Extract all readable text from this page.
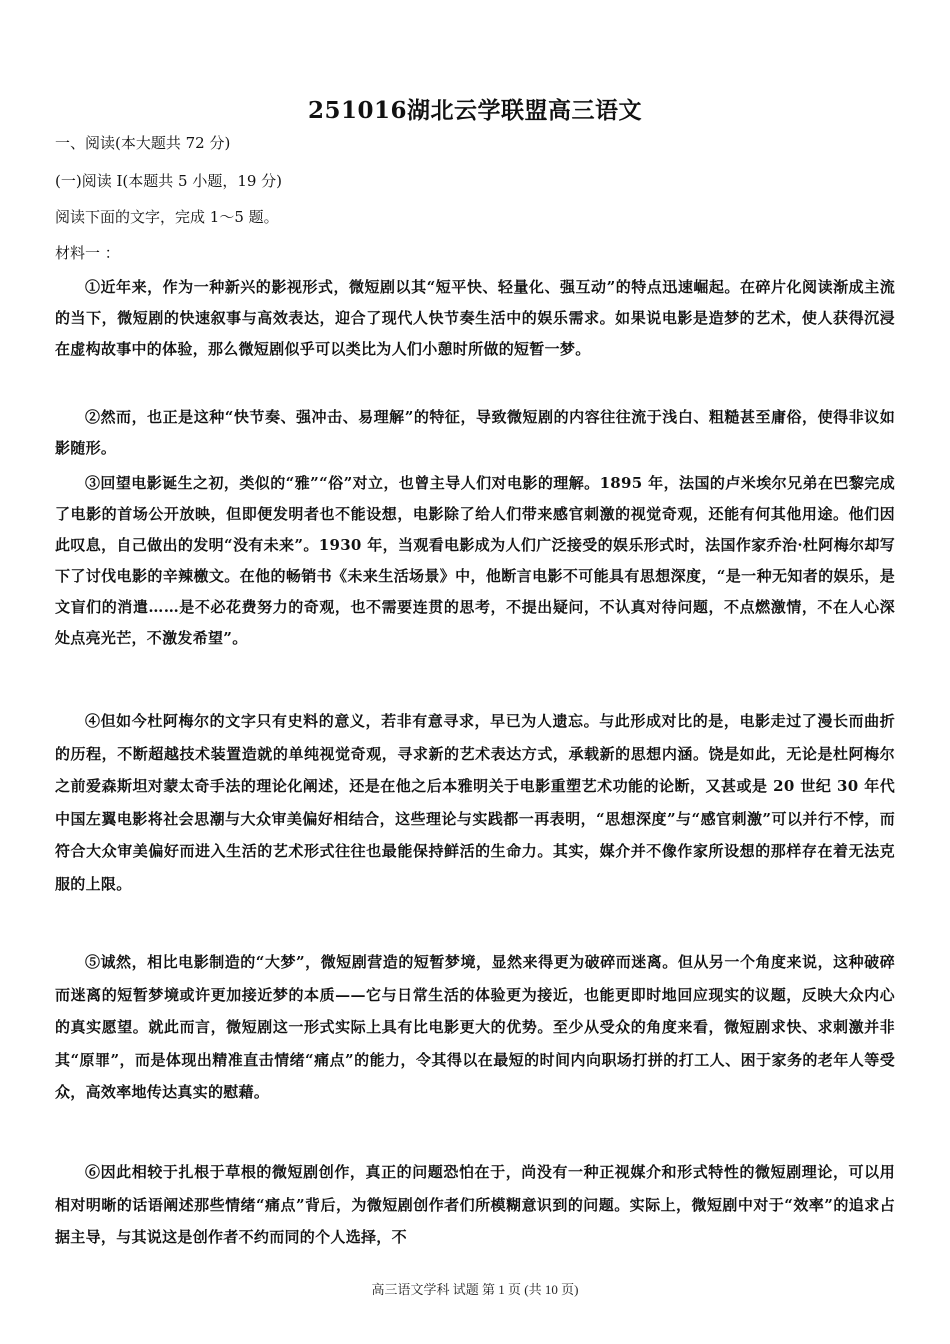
251016湖北云学联盟高三语文
一、阅读(本大题共 72 分)
(一)阅读 I(本题共 5 小题，19 分)
阅读下面的文字，完成 1～5 题。
材料一 ：
①近年来，作为一种新兴的影视形式，微短剧以其“短平快、轻量化、强互动”的特点迅速崛起。在碎片化阅读渐成主流的当下，微短剧的快速叙事与高效表达，迎合了现代人快节奏生活中的娱乐需求。如果说电影是造梦的艺术，使人获得沉浸在虚构故事中的体验，那么微短剧似乎可以类比为人们小憩时所做的短暂一梦。
②然而，也正是这种“快节奏、强冲击、易理解”的特征，导致微短剧的内容往往流于浅白、粗糙甚至庸俗，使得非议如影随形。
③回望电影诞生之初，类似的“雅”“俗”对立，也曾主导人们对电影的理解。1895 年，法国的卢米埃尔兄弟在巴黎完成了电影的首场公开放映，但即便发明者也不能设想，电影除了给人们带来感官刺激的视觉奇观，还能有何其他用途。他们因此叹息，自己做出的发明“没有未来”。1930 年，当观看电影成为人们广泛接受的娱乐形式时，法国作家乔治·杜阿梅尔却写下了讨伐电影的辛辣檄文。在他的畅销书《未来生活场景》中，他断言电影不可能具有思想深度，“是一种无知者的娱乐，是文盲们的消遣……是不必花费努力的奇观，也不需要连贯的思考，不提出疑问，不认真对待问题，不点燃激情，不在人心深处点亮光芒，不激发希望”。
④但如今杜阿梅尔的文字只有史料的意义，若非有意寻求，早已为人遗忘。与此形成对比的是，电影走过了漫长而曲折的历程，不断超越技术装置造就的单纯视觉奇观，寻求新的艺术表达方式，承载新的思想内涵。饶是如此，无论是杜阿梅尔之前爱森斯坦对蒙太奇手法的理论化阐述，还是在他之后本雅明关于电影重塑艺术功能的论断，又甚或是 20 世纪 30 年代中国左翼电影将社会思潮与大众审美偏好相结合，这些理论与实践都一再表明，“思想深度”与“感官刺激”可以并行不悖，而符合大众审美偏好而进入生活的艺术形式往往也最能保持鲜活的生命力。其实，媒介并不像作家所设想的那样存在着无法克服的上限。
⑤诚然，相比电影制造的“大梦”，微短剧营造的短暂梦境，显然来得更为破碎而迷离。但从另一个角度来说，这种破碎而迷离的短暂梦境或许更加接近梦的本质——它与日常生活的体验更为接近，也能更即时地回应现实的议题，反映大众内心的真实愿望。就此而言，微短剧这一形式实际上具有比电影更大的优势。至少从受众的角度来看，微短剧求快、求刺激并非其“原罪”，而是体现出精准直击情绪“痛点”的能力，令其得以在最短的时间内向职场打拼的打工人、困于家务的老年人等受众，高效率地传达真实的慰藉。
⑥因此相较于扎根于草根的微短剧创作，真正的问题恐怕在于，尚没有一种正视媒介和形式特性的微短剧理论，可以用相对明晰的话语阐述那些情绪“痛点”背后，为微短剧创作者们所模糊意识到的问题。实际上，微短剧中对于“效率”的追求占据主导，与其说这是创作者不约而同的个人选择，不
高三语文学科 试题 第 1 页 (共 10 页)
